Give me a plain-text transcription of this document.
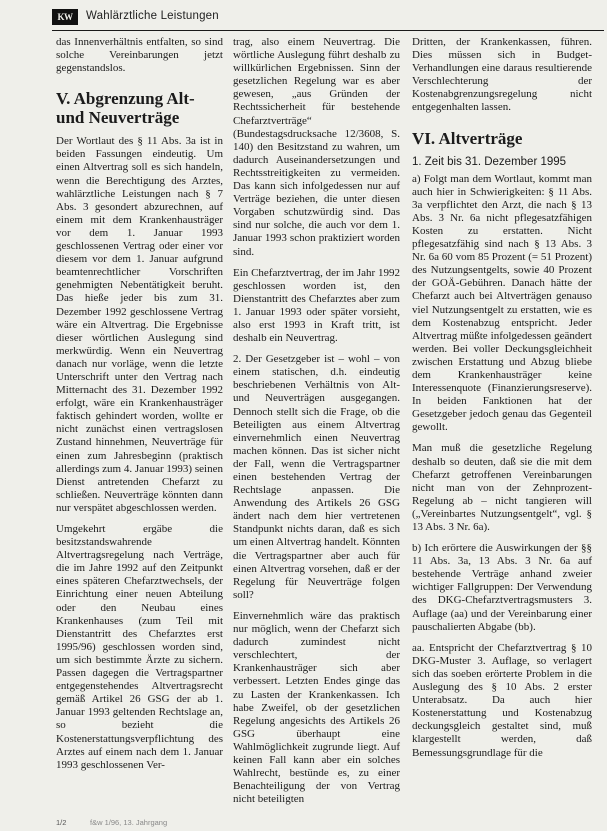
KW	Wahlärztliche Leistungen

das Innenverhältnis entfalten, so sind solche Vereinbarungen jetzt gegenstandslos.

V. Abgrenzung Alt- und Neuverträge

Der Wortlaut des § 11 Abs. 3a ist in beiden Fassungen eindeutig. Um einen Altvertrag soll es sich handeln, wenn die Berechtigung des Arztes, wahlärztliche Leistungen nach § 7 Abs. 3 gesondert abzurechnen, auf einem mit dem Krankenhausträger vor dem 1. Januar 1993 geschlossenen Vertrag oder einer vor diesem vor dem 1. Januar aufgrund beamtenrechtlicher Vorschriften genehmigten Nebentätigkeit beruht. Das hieße jeder bis zum 31. Dezember 1992 geschlossene Vertrag wäre ein Altvertrag. Die Ergebnisse dieser wörtlichen Auslegung sind merkwürdig. Wenn ein Neuvertrag danach nur vorläge, wenn die letzte Unterschrift unter den Vertrag nach Mitternacht des 31. Dezember 1992 erfolgt, wäre ein Krankenhausträger faktisch gehindert worden, wollte er nicht zunächst einen vertragslosen Zustand hinnehmen, Neuverträge für einen zum Jahresbeginn (praktisch allerdings zum 4. Januar 1993) seinen Dienst antretenden Chefarzt zu schließen. Neuverträge könnten dann nur verspätet abgeschlossen werden.

Umgekehrt ergäbe die besitzstandswahrende Altvertragsregelung nach Verträge, die im Jahre 1992 auf den Zeitpunkt eines späteren Chefarztwechsels, der Einrichtung einer neuen Abteilung oder den Neubau eines Krankenhauses (zum Teil mit Dienstantritt des Chefarztes erst 1995/96) geschlossen worden sind, um sich bestimmte Ärzte zu sichern. Passen dagegen die Vertragspartner entgegenstehendes Altvertragsrecht gemäß Artikel 26 GSG der ab 1. Januar 1993 geltenden Rechtslage an, so bezieht die Kostenerstattungsverpflichtung des Arztes auf einem nach dem 1. Januar 1993 geschlossenen Ver-

trag, also einem Neuvertrag. Die wörtliche Auslegung führt deshalb zu willkürlichen Ergebnissen. Sinn der gesetzlichen Regelung war es aber gewesen, „aus Gründen der Rechtssicherheit für bestehende Chefarztverträge“ (Bundestagsdrucksache 12/3608, S. 140) den Besitzstand zu wahren, um dadurch Auseinandersetzungen und Rechtsstreitigkeiten zu vermeiden. Das kann sich infolgedessen nur auf Verträge beziehen, die unter diesen Vorgaben schutzwürdig sind. Das sind nur solche, die auch vor dem 1. Januar 1993 schon praktiziert worden sind.

Ein Chefarztvertrag, der im Jahr 1992 geschlossen worden ist, den Dienstantritt des Chefarztes aber zum 1. Januar 1993 oder später vorsieht, also erst 1993 in Kraft tritt, ist deshalb ein Neuvertrag.

2. Der Gesetzgeber ist – wohl – von einem statischen, d.h. eindeutig beschriebenen Verhältnis von Alt- und Neuverträgen ausgegangen. Dennoch stellt sich die Frage, ob die Beteiligten aus einem Altvertrag einvernehmlich einen Neuvertrag machen können. Das ist sicher nicht der Fall, wenn die Vertragspartner einen bestehenden Vertrag der Rechtslage anpassen. Die Anwendung des Artikels 26 GSG ändert nach dem hier vertretenen Standpunkt nichts daran, daß es sich um einen Altvertrag handelt. Könnten die Vertragspartner aber auch für einen Altvertrag vorsehen, daß er der Regelung für Neuverträge folgen soll?

Einvernehmlich wäre das praktisch nur möglich, wenn der Chefarzt sich dadurch zumindest nicht verschlechtert, der Krankenhausträger sich aber verbessert. Letzten Endes ginge das zu Lasten der Krankenkassen. Ich habe Zweifel, ob der gesetzlichen Regelung angesichts des Artikels 26 GSG überhaupt eine Wahlmöglichkeit zugrunde liegt. Auf keinen Fall kann aber ein solches Wahlrecht, bestünde es, zu einer Benachteiligung der von Vertrag nicht beteiligten

Dritten, der Krankenkassen, führen. Dies müssen sich in Budget-Verhandlungen eine daraus resultierende Verschlechterung der Kostenabgrenzungsregelung nicht entgegenhalten lassen.

VI. Altverträge
1. Zeit bis 31. Dezember 1995

a) Folgt man dem Wortlaut, kommt man auch hier in Schwierigkeiten: § 11 Abs. 3a verpflichtet den Arzt, die nach § 13 Abs. 3 Nr. 6a nicht pflegesatzfähigen Kosten zu erstatten. Nicht pflegesatzfähig sind nach § 13 Abs. 3 Nr. 6a 60 vom 85 Prozent (= 51 Prozent) des Nutzungsentgelts, sowie 40 Prozent der GOÄ-Gebühren. Danach hätte der Chefarzt auch bei Altverträgen genauso viel Nutzungsentgelt zu erstatten, wie es dem Kostenabzug entspricht. Jeder Altvertrag müßte infolgedessen geändert werden. Bei voller Deckungsgleichheit zwischen Erstattung und Abzug bliebe dem Krankenhausträger keine Interessenquote (Finanzierungsreserve). In beiden Fanktionen hat der Gesetzgeber jedoch genau das Gegenteil gewollt.

Man muß die gesetzliche Regelung deshalb so deuten, daß sie die mit dem Chefarzt getroffenen Vereinbarungen nicht man von der Zehnprozent-Regelung ab – nicht tangieren will („Vereinbartes Nutzungsentgelt“, vgl. § 13 Abs. 3 Nr. 6a).

b) Ich erörtere die Auswirkungen der §§ 11 Abs. 3a, 13 Abs. 3 Nr. 6a auf bestehende Verträge anhand zweier wichtiger Fallgruppen: Der Verwendung des DKG-Chefarztvertragsmusters 3. Auflage (aa) und der Vereinbarung einer pauschalierten Abgabe (bb).

aa. Entspricht der Chefarztvertrag § 10 DKG-Muster 3. Auflage, so verlagert sich das soeben erörterte Problem in die Auslegung des § 10 Abs. 2 erster Unterabsatz. Da auch hier Kostenerstattung und Kostenabzug deckungsgleich gestaltet sind, muß klargestellt werden, daß Bemessungsgrundlage für die

1/2	f&w 1/96, 13. Jahrgang
